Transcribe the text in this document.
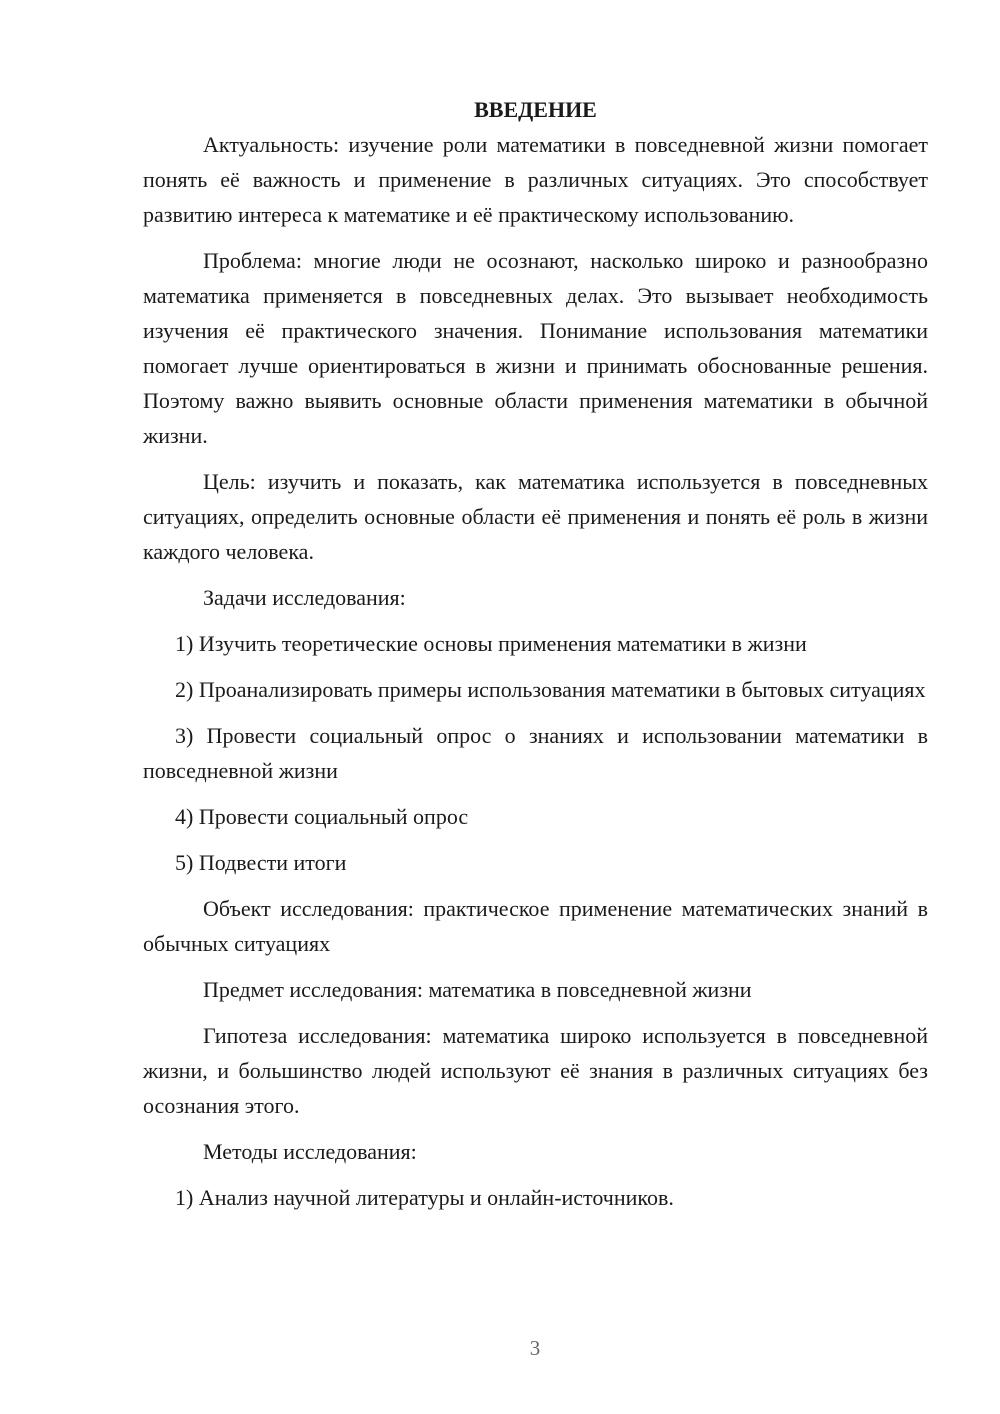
ВВЕДЕНИЕ

Актуальность: изучение роли математики в повседневной жизни помогает понять её важность и применение в различных ситуациях. Это способствует развитию интереса к математике и её практическому использованию.

Проблема: многие люди не осознают, насколько широко и разнообразно математика применяется в повседневных делах. Это вызывает необходимость изучения её практического значения. Понимание использования математики помогает лучше ориентироваться в жизни и принимать обоснованные решения. Поэтому важно выявить основные области применения математики в обычной жизни.

Цель: изучить и показать, как математика используется в повседневных ситуациях, определить основные области её применения и понять её роль в жизни каждого человека.

Задачи исследования:

1) Изучить теоретические основы применения математики в жизни

2) Проанализировать примеры использования математики в бытовых ситуациях

3) Провести социальный опрос о знаниях и использовании математики в повседневной жизни

4) Провести социальный опрос

5) Подвести итоги

Объект исследования: практическое применение математических знаний в обычных ситуациях

Предмет исследования: математика в повседневной жизни

Гипотеза исследования: математика широко используется в повседневной жизни, и большинство людей используют её знания в различных ситуациях без осознания этого.

Методы исследования:

1) Анализ научной литературы и онлайн-источников.

3
